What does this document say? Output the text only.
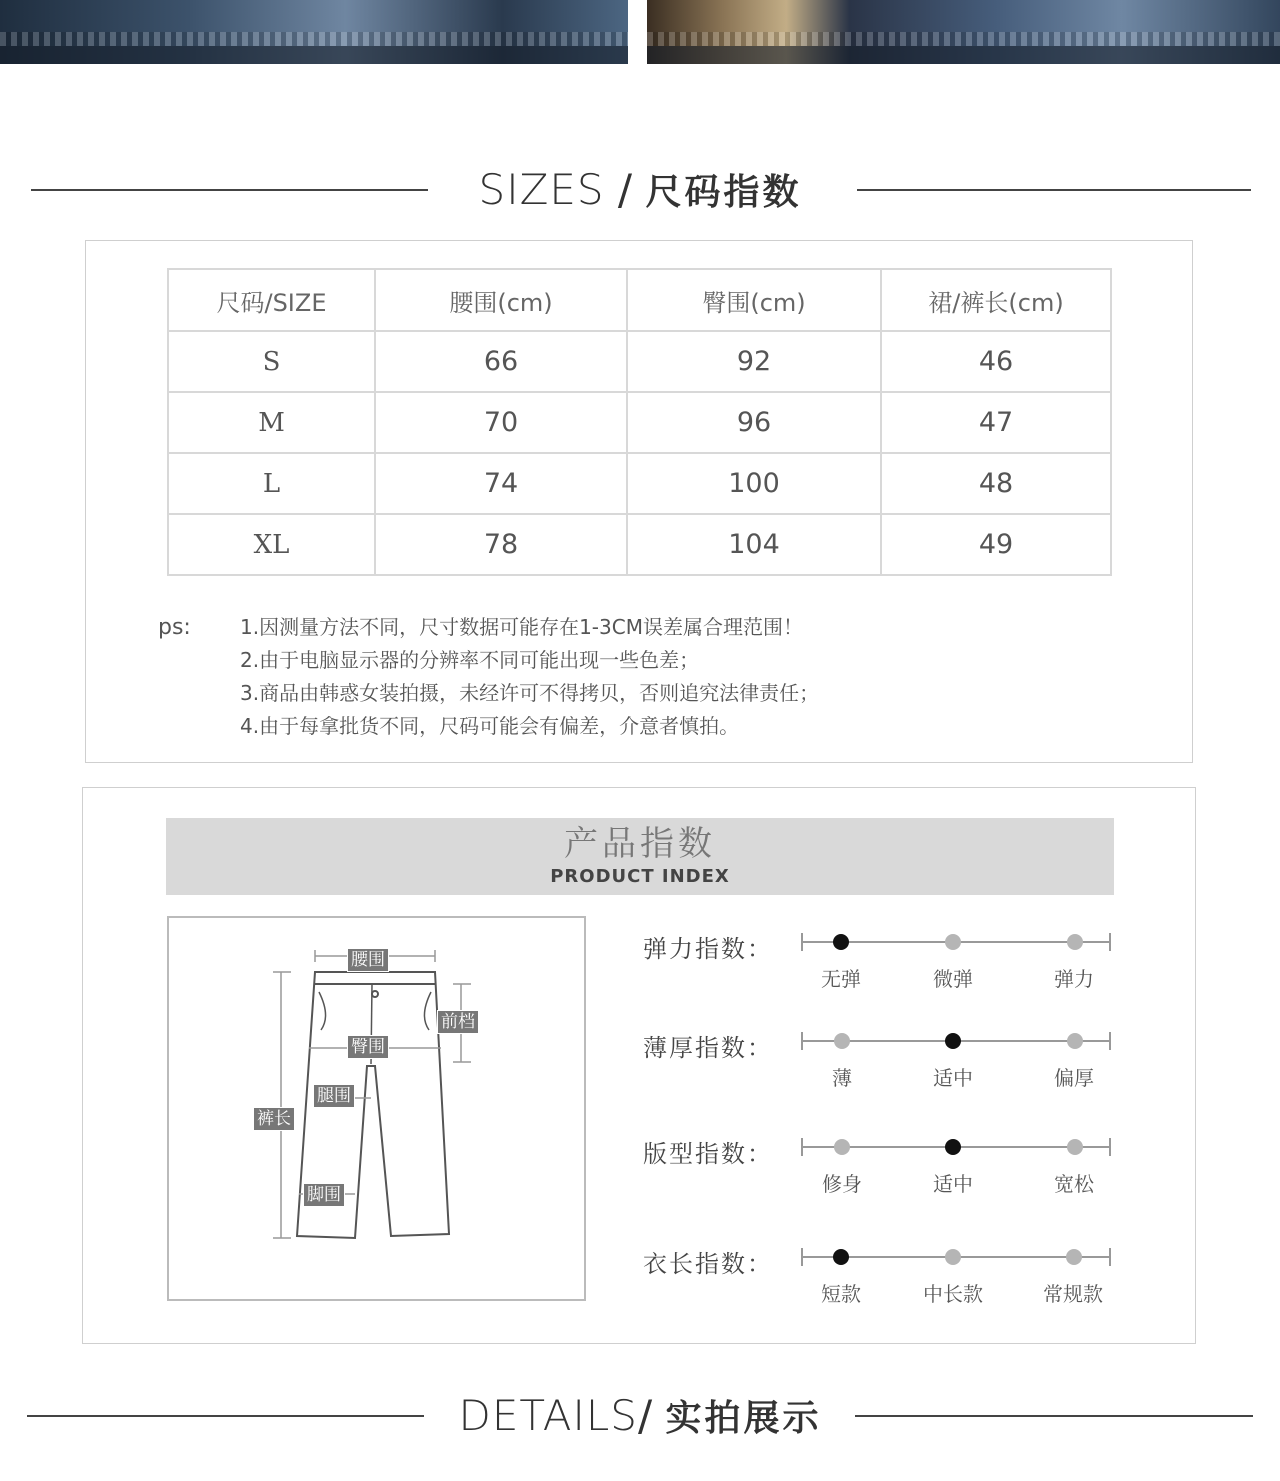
SIZES / 尺码指数
尺码/SIZE	腰围(cm)	臀围(cm)	裙/裤长(cm)
S	66	92	46
M	70	96	47
L	74	100	48
XL	78	104	49
ps: 1.因测量方法不同，尺寸数据可能存在1-3CM误差属合理范围！
2.由于电脑显示器的分辨率不同可能出现一些色差；
3.商品由韩惑女装拍摄，未经许可不得拷贝，否则追究法律责任；
4.由于每拿批货不同，尺码可能会有偏差，介意者慎拍。
产品指数
PRODUCT INDEX
腰围
臀围
前档
腿围
裤长
脚围
弹力指数：
无弹	微弹	弹力
薄厚指数：
薄	适中	偏厚
版型指数：
修身	适中	宽松
衣长指数：
短款	中长款	常规款
DETAILS/ 实拍展示
